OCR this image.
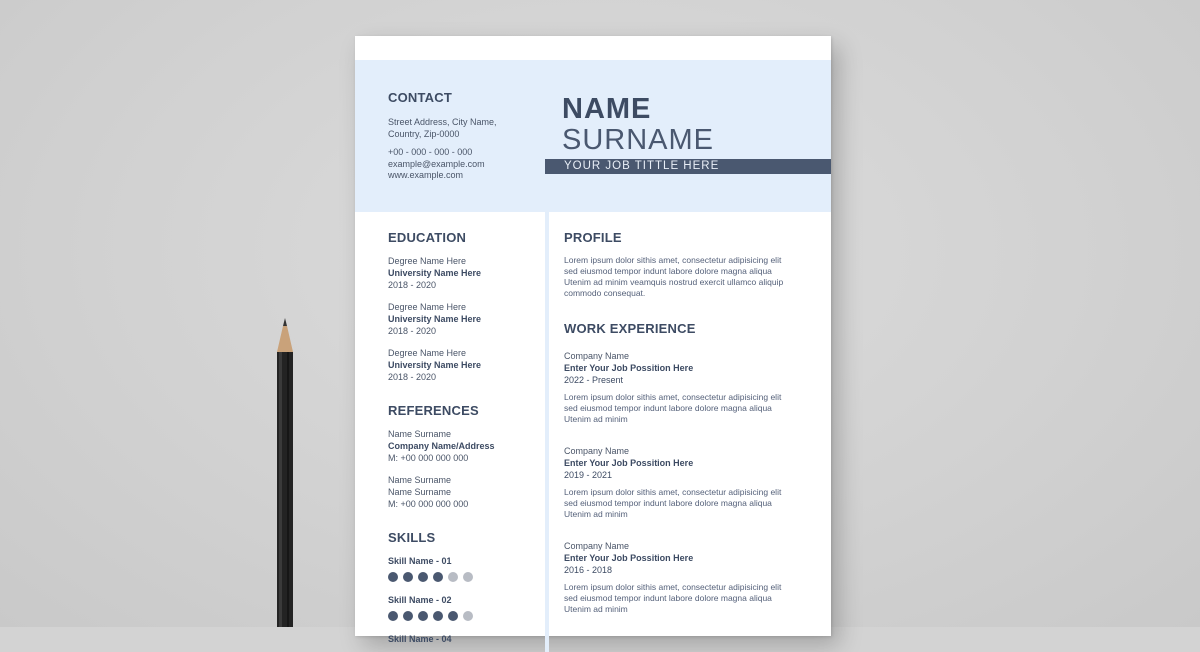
CONTACT
Street Address, City Name, Country, Zip-0000
+00 - 000 - 000 - 000
example@example.com
www.example.com
NAME
SURNAME
YOUR JOB TITTLE HERE
EDUCATION
Degree Name Here
University Name Here
2018 - 2020
Degree Name Here
University Name Here
2018 - 2020
Degree Name Here
University Name Here
2018 - 2020
REFERENCES
Name Surname
Company Name/Address
M: +00 000 000 000
Name Surname
Name Surname
M: +00 000 000 000
SKILLS
Skill Name - 01
Skill Name - 02
Skill Name - 04
PROFILE
Lorem ipsum dolor sithis amet, consectetur adipisicing elit sed eiusmod tempor indunt labore dolore magna aliqua Utenim ad minim veamquis nostrud exercit ullamco aliquip commodo consequat.
WORK EXPERIENCE
Company Name
Enter Your Job Possition Here
2022 - Present
Lorem ipsum dolor sithis amet, consectetur adipisicing elit sed eiusmod tempor indunt labore dolore magna aliqua Utenim ad minim
Company Name
Enter Your Job Possition Here
2019 - 2021
Lorem ipsum dolor sithis amet, consectetur adipisicing elit sed eiusmod tempor indunt labore dolore magna aliqua Utenim ad minim
Company Name
Enter Your Job Possition Here
2016 - 2018
Lorem ipsum dolor sithis amet, consectetur adipisicing elit sed eiusmod tempor indunt labore dolore magna aliqua Utenim ad minim
